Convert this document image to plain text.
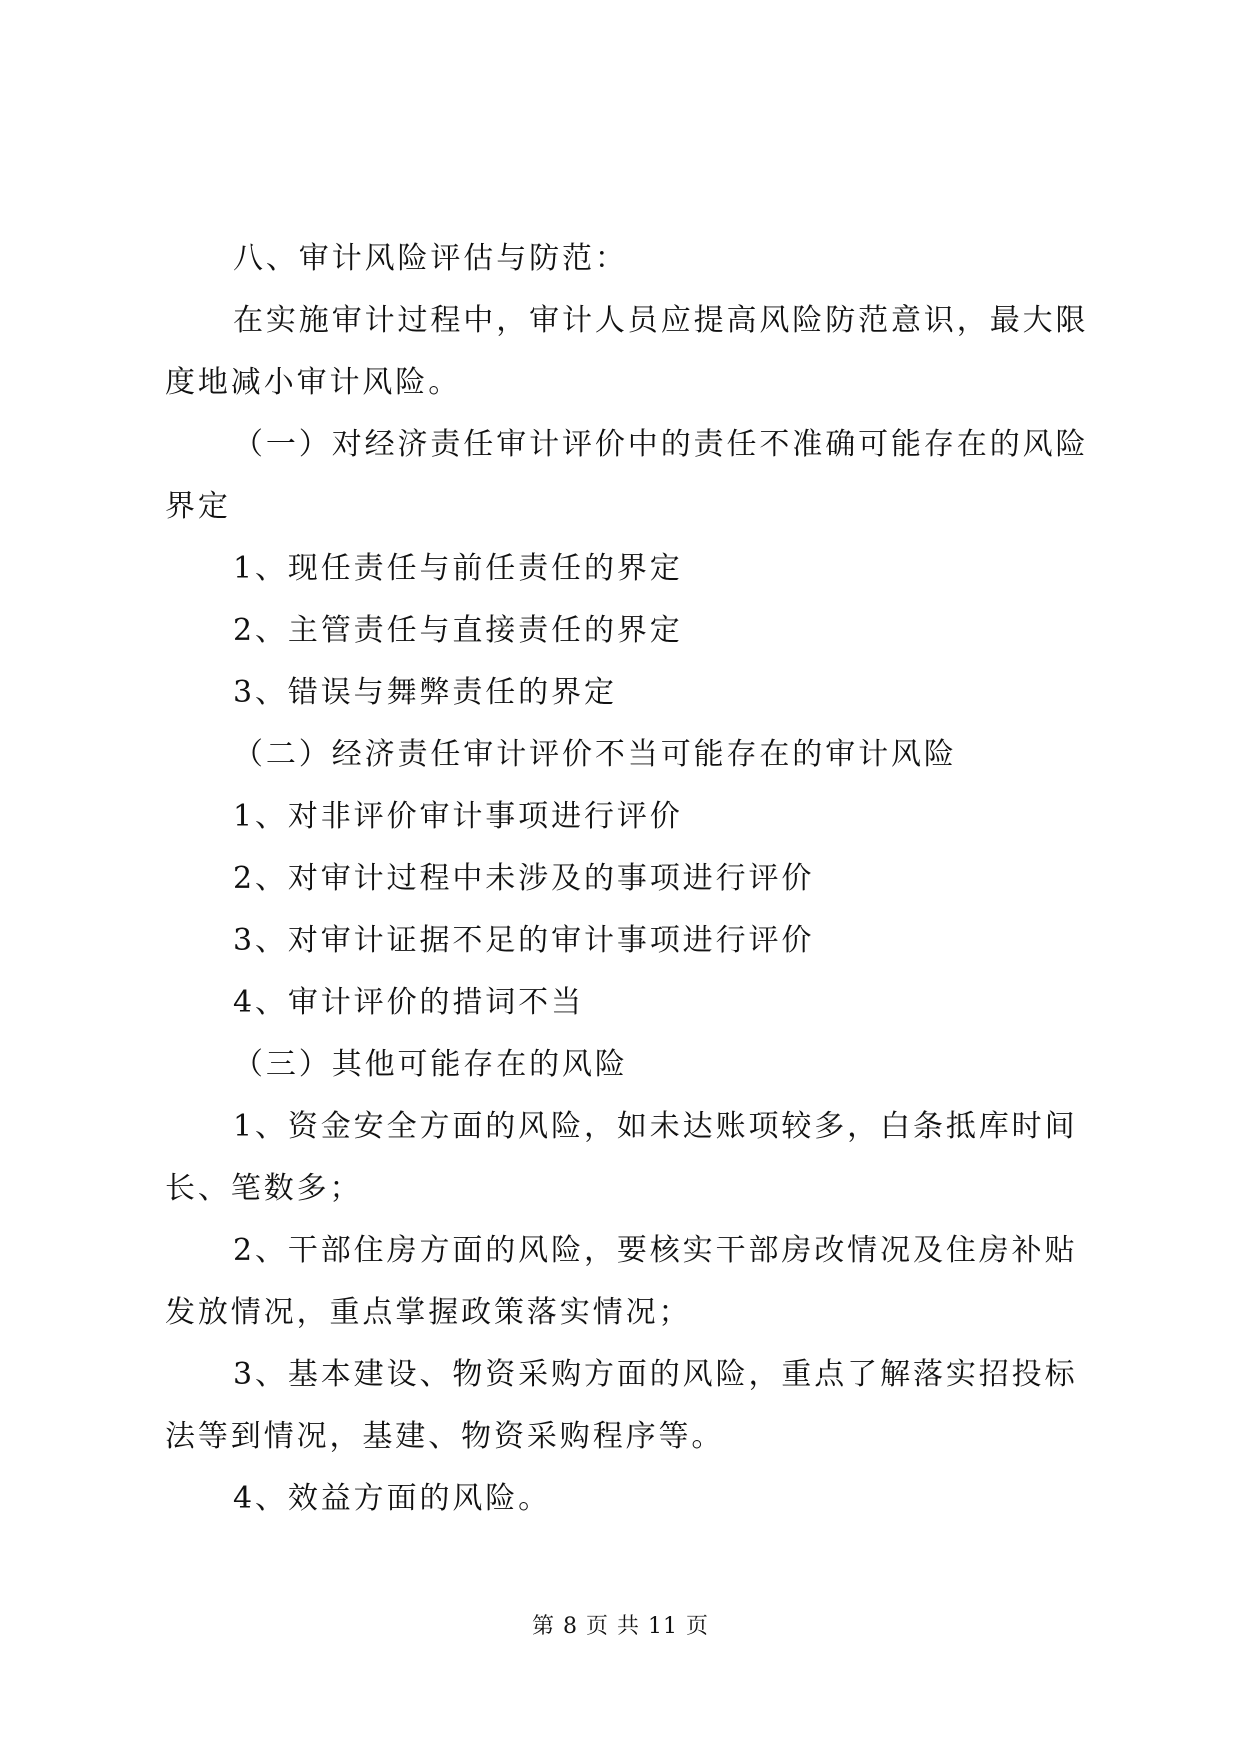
八、审计风险评估与防范：
在实施审计过程中，审计人员应提高风险防范意识，最大限
度地减小审计风险。
（一）对经济责任审计评价中的责任不准确可能存在的风险
界定
1、现任责任与前任责任的界定
2、主管责任与直接责任的界定
3、错误与舞弊责任的界定
（二）经济责任审计评价不当可能存在的审计风险
1、对非评价审计事项进行评价
2、对审计过程中未涉及的事项进行评价
3、对审计证据不足的审计事项进行评价
4、审计评价的措词不当
（三）其他可能存在的风险
1、资金安全方面的风险，如未达账项较多，白条抵库时间
长、笔数多；
2、干部住房方面的风险，要核实干部房改情况及住房补贴
发放情况，重点掌握政策落实情况；
3、基本建设、物资采购方面的风险，重点了解落实招投标
法等到情况，基建、物资采购程序等。
4、效益方面的风险。
第 8 页 共 11 页
